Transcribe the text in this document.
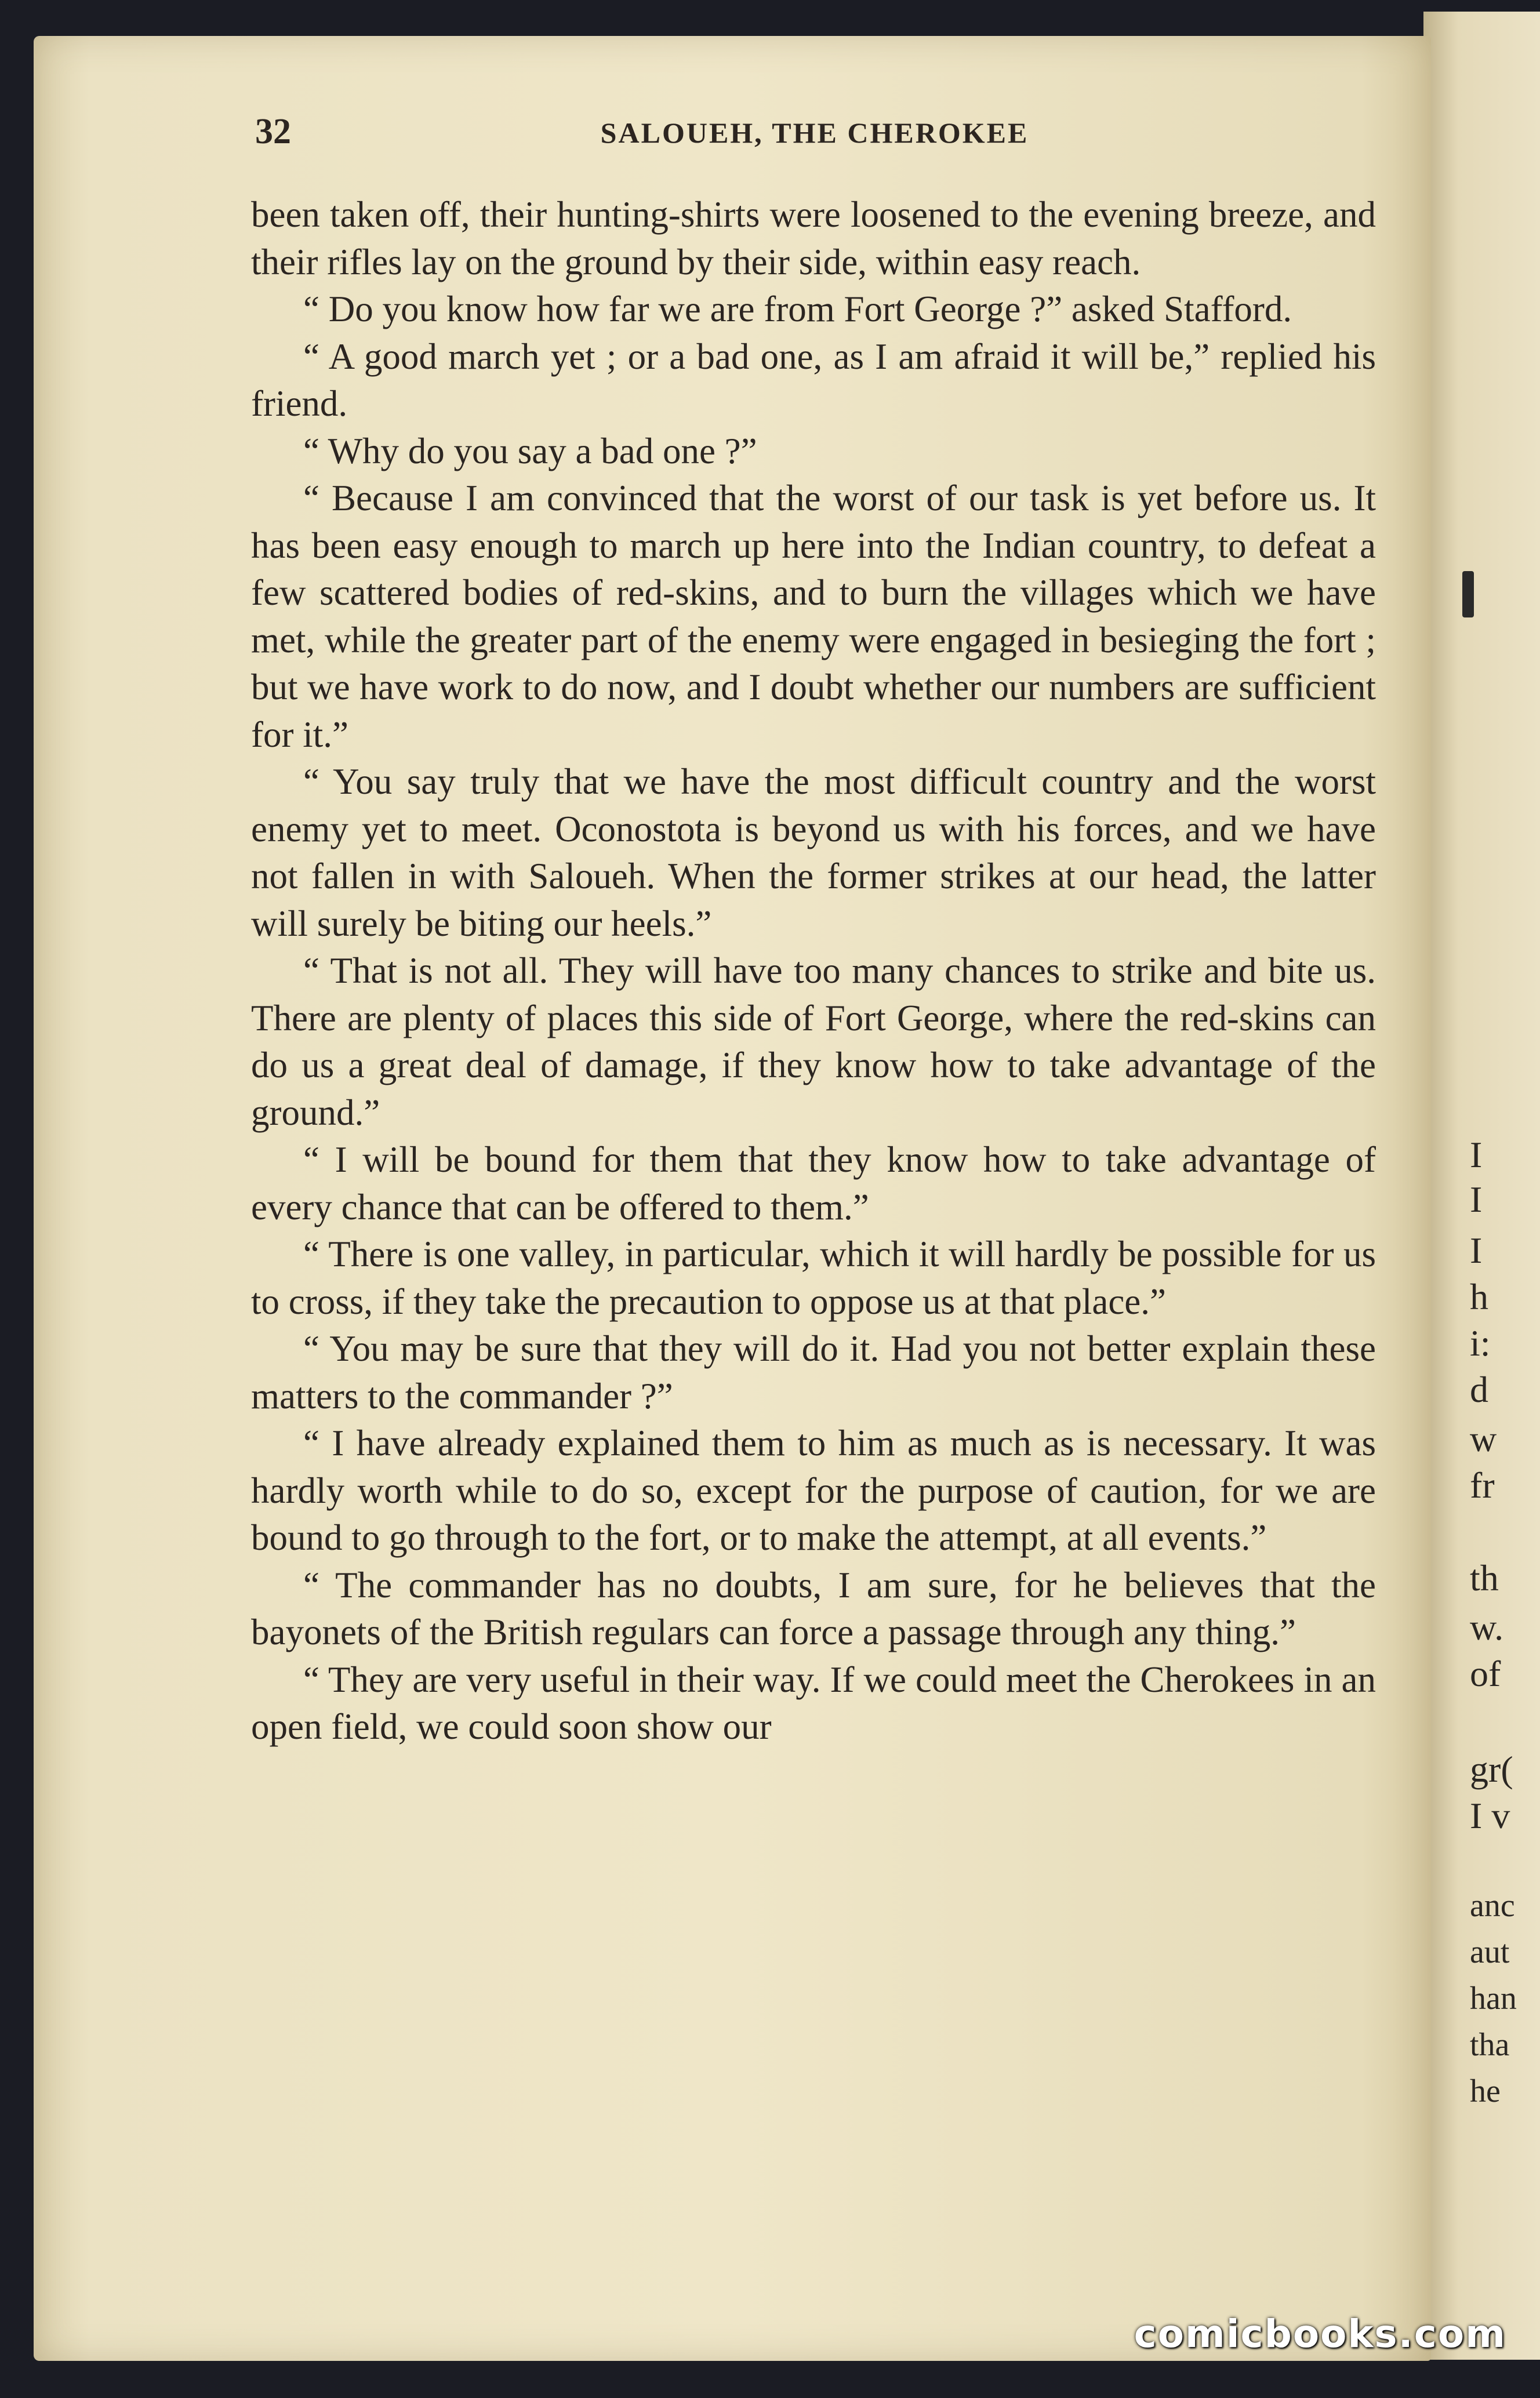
I
I
I
h
i:
d
w
fr
th
w.
of
gr(
I v
anc
aut
han
tha
he
32	SALOUEH, THE CHEROKEE

been taken off, their hunting-shirts were loosened to the evening breeze, and their rifles lay on the ground by their side, within easy reach.

“ Do you know how far we are from Fort George ?” asked Stafford.

“ A good march yet ; or a bad one, as I am afraid it will be,” replied his friend.

“ Why do you say a bad one ?”

“ Because I am convinced that the worst of our task is yet before us. It has been easy enough to march up here into the Indian country, to defeat a few scattered bodies of red-skins, and to burn the villages which we have met, while the greater part of the enemy were engaged in besieging the fort ; but we have work to do now, and I doubt whether our numbers are sufficient for it.”

“ You say truly that we have the most difficult country and the worst enemy yet to meet. Oconostota is beyond us with his forces, and we have not fallen in with Saloueh. When the former strikes at our head, the latter will surely be biting our heels.”

“ That is not all. They will have too many chances to strike and bite us. There are plenty of places this side of Fort George, where the red-skins can do us a great deal of damage, if they know how to take advantage of the ground.”

“ I will be bound for them that they know how to take advantage of every chance that can be offered to them.”

“ There is one valley, in particular, which it will hardly be possible for us to cross, if they take the precaution to oppose us at that place.”

“ You may be sure that they will do it. Had you not better explain these matters to the commander ?”

“ I have already explained them to him as much as is necessary. It was hardly worth while to do so, except for the purpose of caution, for we are bound to go through to the fort, or to make the attempt, at all events.”

“ The commander has no doubts, I am sure, for he believes that the bayonets of the British regulars can force a passage through any thing.”

“ They are very useful in their way. If we could meet the Cherokees in an open field, we could soon show our

comicbooks.com
